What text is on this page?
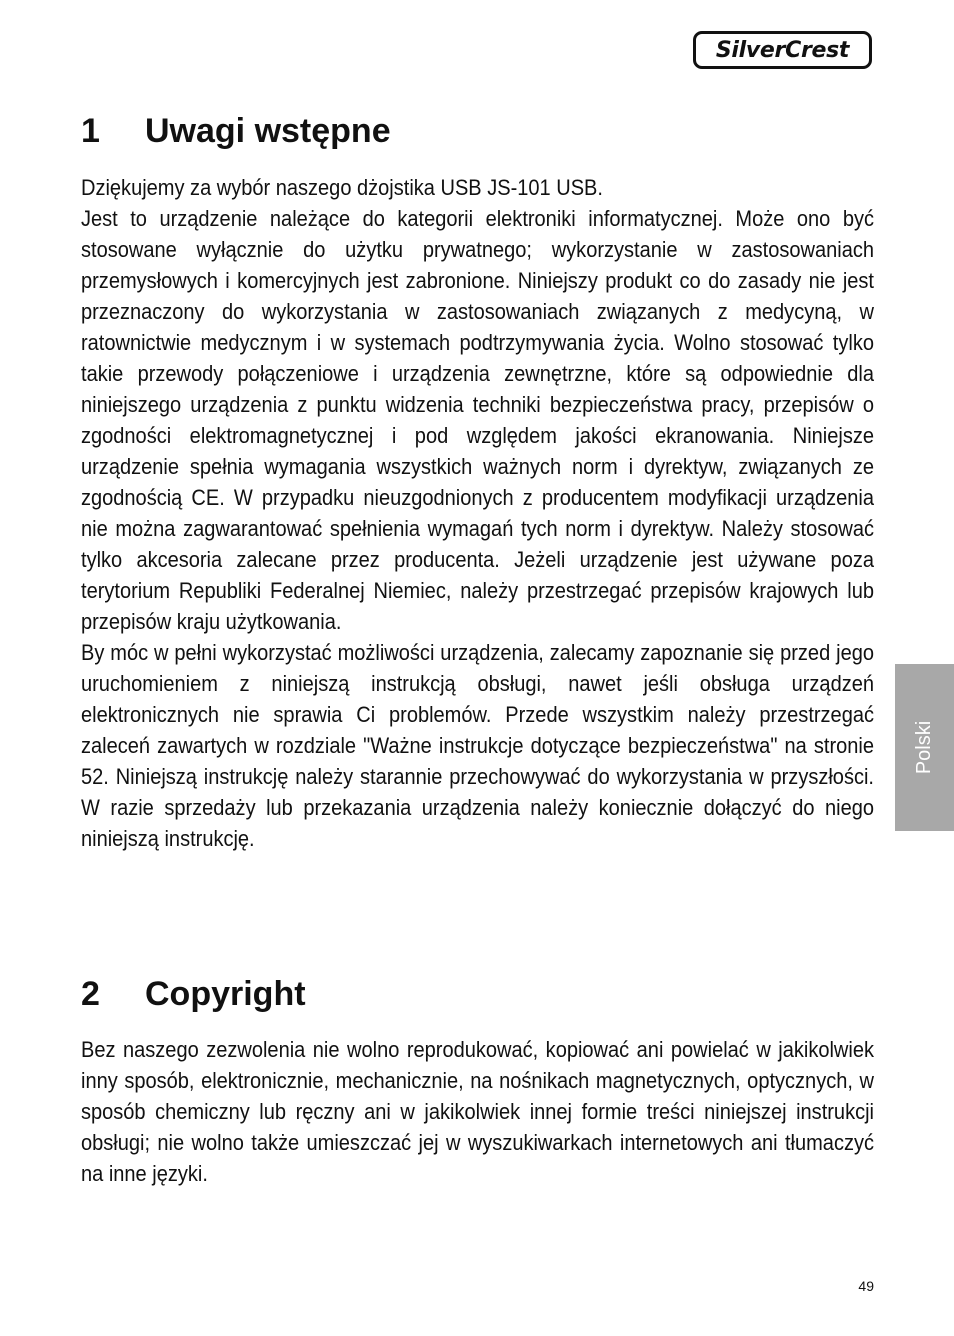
SilverCrest
1 Uwagi wstępne

Dziękujemy za wybór naszego dżojstika USB JS-101 USB.

Jest to urządzenie należące do kategorii elektroniki informatycznej. Może ono być stosowane wyłącznie do użytku prywatnego; wykorzystanie w zastosowaniach przemysłowych i komercyjnych jest zabronione. Niniejszy produkt co do zasady nie jest przeznaczony do wykorzystania w zastosowaniach związanych z medycyną, w ratownictwie medycznym i w systemach podtrzymywania życia. Wolno stosować tylko takie przewody połączeniowe i urządzenia zewnętrzne, które są odpowiednie dla niniejszego urządzenia z punktu widzenia techniki bezpieczeństwa pracy, przepisów o zgodności elektromagnetycznej i pod względem jakości ekranowania. Niniejsze urządzenie spełnia wymagania wszystkich ważnych norm i dyrektyw, związanych ze zgodnością CE. W przypadku nieuzgodnionych z producentem modyfikacji urządzenia nie można zagwarantować spełnienia wymagań tych norm i dyrektyw. Należy stosować tylko akcesoria zalecane przez producenta. Jeżeli urządzenie jest używane poza terytorium Republiki Federalnej Niemiec, należy przestrzegać przepisów krajowych lub przepisów kraju użytkowania.

By móc w pełni wykorzystać możliwości urządzenia, zalecamy zapoznanie się przed jego uruchomieniem z niniejszą instrukcją obsługi, nawet jeśli obsługa urządzeń elektronicznych nie sprawia Ci problemów. Przede wszystkim należy przestrzegać zaleceń zawartych w rozdziale "Ważne instrukcje dotyczące bezpieczeństwa" na stronie 52. Niniejszą instrukcję należy starannie przechowywać do wykorzystania w przyszłości. W razie sprzedaży lub przekazania urządzenia należy koniecznie dołączyć do niego niniejszą instrukcję.

2 Copyright

Bez naszego zezwolenia nie wolno reprodukować, kopiować ani powielać w jakikolwiek inny sposób, elektronicznie, mechanicznie, na nośnikach magnetycznych, optycznych, w sposób chemiczny lub ręczny ani w jakikolwiek innej formie treści niniejszej instrukcji obsługi; nie wolno także umieszczać jej w wyszukiwarkach internetowych ani tłumaczyć na inne języki.

Polski
49
